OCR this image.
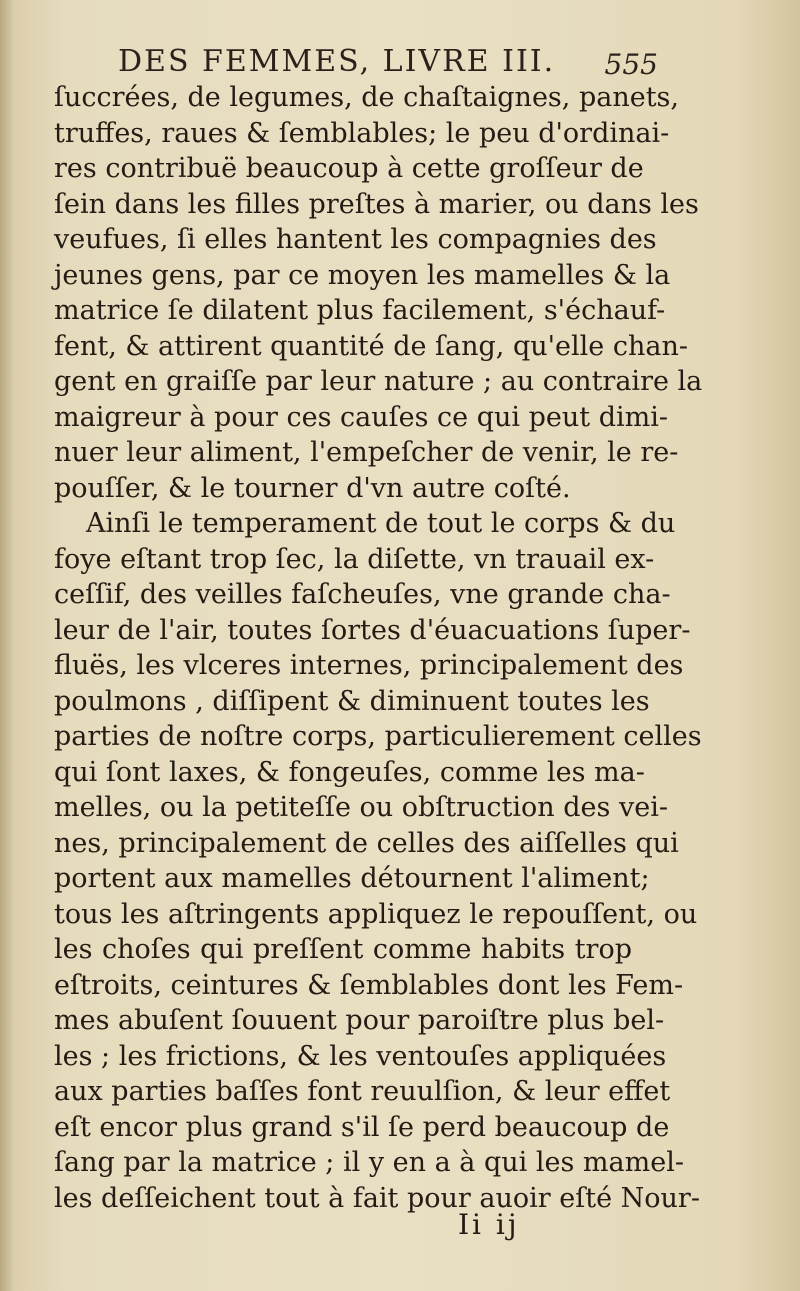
DES FEMMES, LIVRE III. 555
ſuccrées, de legumes, de chaſtaignes, panets,
truffes, raues & ſemblables; le peu d'ordinai-
res contribuë beaucoup à cette groſſeur de
ſein dans les filles preſtes à marier, ou dans les
veufues, ſi elles hantent les compagnies des
jeunes gens, par ce moyen les mamelles & la
matrice ſe dilatent plus facilement, s'échauf-
fent, & attirent quantité de ſang, qu'elle chan-
gent en graiſſe par leur nature ; au contraire la
maigreur à pour ces cauſes ce qui peut dimi-
nuer leur aliment, l'empeſcher de venir, le re-
pouſſer, & le tourner d'vn autre coſté.
Ainſi le temperament de tout le corps & du
foye eſtant trop ſec, la diſette, vn trauail ex-
ceſſif, des veilles faſcheuſes, vne grande cha-
leur de l'air, toutes ſortes d'éuacuations ſuper-
fluës, les vlceres internes, principalement des
poulmons , diſſipent & diminuent toutes les
parties de noſtre corps, particulierement celles
qui ſont laxes, & fongeuſes, comme les ma-
melles, ou la petiteſſe ou obſtruction des vei-
nes, principalement de celles des aiſſelles qui
portent aux mamelles détournent l'aliment;
tous les aſtringents appliquez le repouſſent, ou
les choſes qui preſſent comme habits trop
eſtroits, ceintures & ſemblables dont les Fem-
mes abuſent ſouuent pour paroiſtre plus bel-
les ; les frictions, & les ventouſes appliquées
aux parties baſſes font reuulſion, & leur effet
eſt encor plus grand s'il ſe perd beaucoup de
ſang par la matrice ; il y en a à qui les mamel-
les deſſeichent tout à fait pour auoir eſté Nour-
Ii ij
